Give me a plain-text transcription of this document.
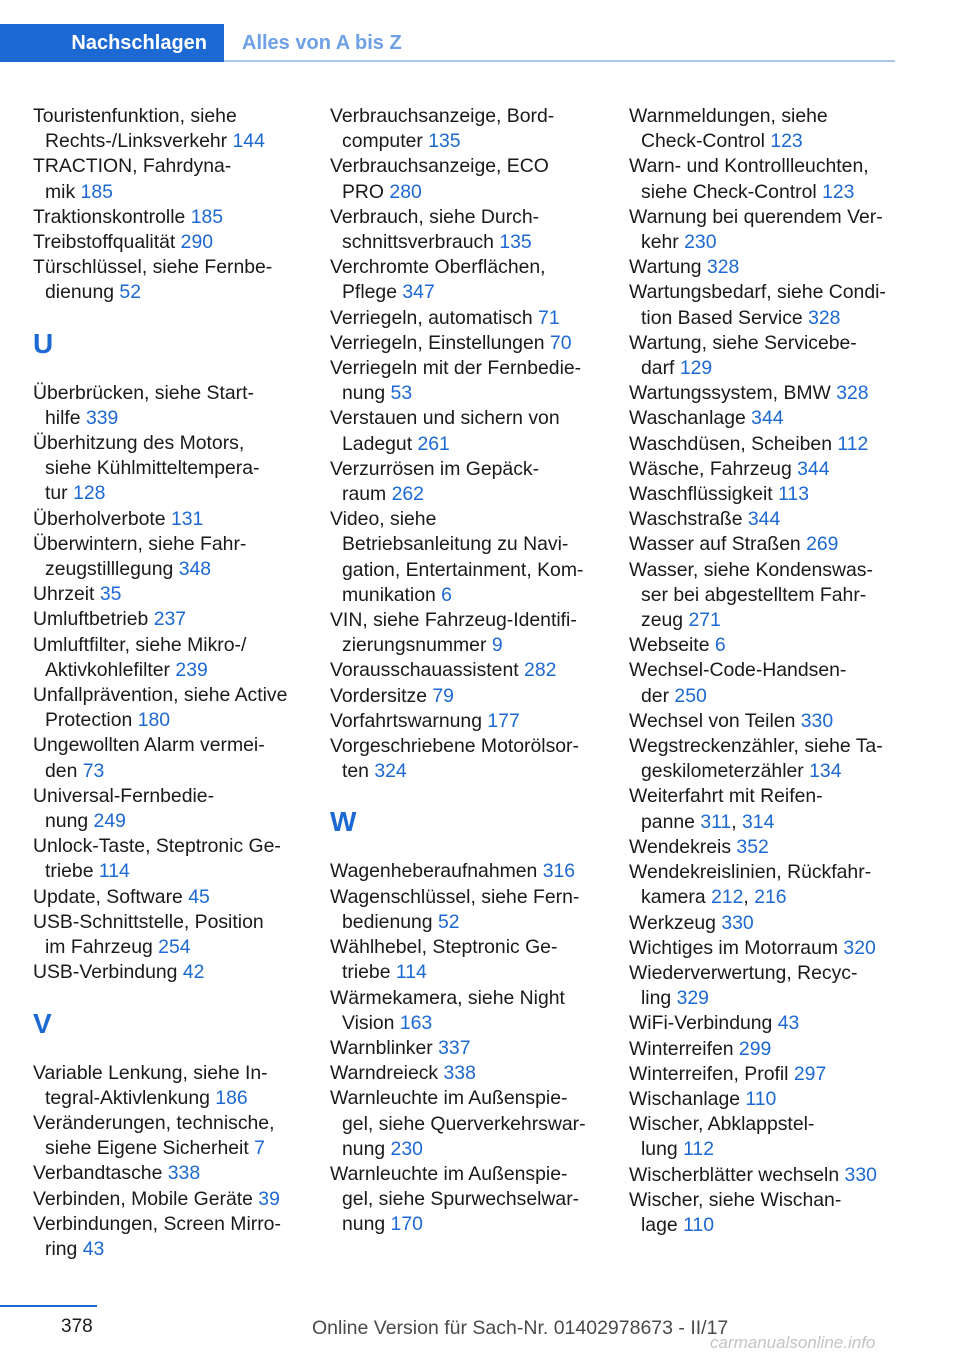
Nachschlagen	Alles von A bis Z
Touristenfunktion, siehe
Rechts-/Linksverkehr 144
TRACTION, Fahrdyna-
mik 185
Traktionskontrolle 185
Treibstoffqualität 290
Türschlüssel, siehe Fernbe-
dienung 52
U
Überbrücken, siehe Start-
hilfe 339
Überhitzung des Motors,
siehe Kühlmitteltempera-
tur 128
Überholverbote 131
Überwintern, siehe Fahr-
zeugstilllegung 348
Uhrzeit 35
Umluftbetrieb 237
Umluftfilter, siehe Mikro-/
Aktivkohlefilter 239
Unfallprävention, siehe Active
Protection 180
Ungewollten Alarm vermei-
den 73
Universal-Fernbedie-
nung 249
Unlock-Taste, Steptronic Ge-
triebe 114
Update, Software 45
USB-Schnittstelle, Position
im Fahrzeug 254
USB-Verbindung 42
V
Variable Lenkung, siehe In-
tegral-Aktivlenkung 186
Veränderungen, technische,
siehe Eigene Sicherheit 7
Verbandtasche 338
Verbinden, Mobile Geräte 39
Verbindungen, Screen Mirro-
ring 43
Verbrauchsanzeige, Bord-
computer 135
Verbrauchsanzeige, ECO
PRO 280
Verbrauch, siehe Durch-
schnittsverbrauch 135
Verchromte Oberflächen,
Pflege 347
Verriegeln, automatisch 71
Verriegeln, Einstellungen 70
Verriegeln mit der Fernbedie-
nung 53
Verstauen und sichern von
Ladegut 261
Verzurrösen im Gepäck-
raum 262
Video, siehe
Betriebsanleitung zu Navi-
gation, Entertainment, Kom-
munikation 6
VIN, siehe Fahrzeug-Identifi-
zierungsnummer 9
Vorausschauassistent 282
Vordersitze 79
Vorfahrtswarnung 177
Vorgeschriebene Motorölsor-
ten 324
W
Wagenheberaufnahmen 316
Wagenschlüssel, siehe Fern-
bedienung 52
Wählhebel, Steptronic Ge-
triebe 114
Wärmekamera, siehe Night
Vision 163
Warnblinker 337
Warndreieck 338
Warnleuchte im Außenspie-
gel, siehe Querverkehrswar-
nung 230
Warnleuchte im Außenspie-
gel, siehe Spurwechselwar-
nung 170
Warnmeldungen, siehe
Check-Control 123
Warn- und Kontrollleuchten,
siehe Check-Control 123
Warnung bei querendem Ver-
kehr 230
Wartung 328
Wartungsbedarf, siehe Condi-
tion Based Service 328
Wartung, siehe Servicebe-
darf 129
Wartungssystem, BMW 328
Waschanlage 344
Waschdüsen, Scheiben 112
Wäsche, Fahrzeug 344
Waschflüssigkeit 113
Waschstraße 344
Wasser auf Straßen 269
Wasser, siehe Kondenswas-
ser bei abgestelltem Fahr-
zeug 271
Webseite 6
Wechsel-Code-Handsen-
der 250
Wechsel von Teilen 330
Wegstreckenzähler, siehe Ta-
geskilometerzähler 134
Weiterfahrt mit Reifen-
panne 311, 314
Wendekreis 352
Wendekreislinien, Rückfahr-
kamera 212, 216
Werkzeug 330
Wichtiges im Motorraum 320
Wiederverwertung, Recyc-
ling 329
WiFi-Verbindung 43
Winterreifen 299
Winterreifen, Profil 297
Wischanlage 110
Wischer, Abklappstel-
lung 112
Wischerblätter wechseln 330
Wischer, siehe Wischan-
lage 110
378	Online Version für Sach-Nr. 01402978673 - II/17
carmanualsonline.info
